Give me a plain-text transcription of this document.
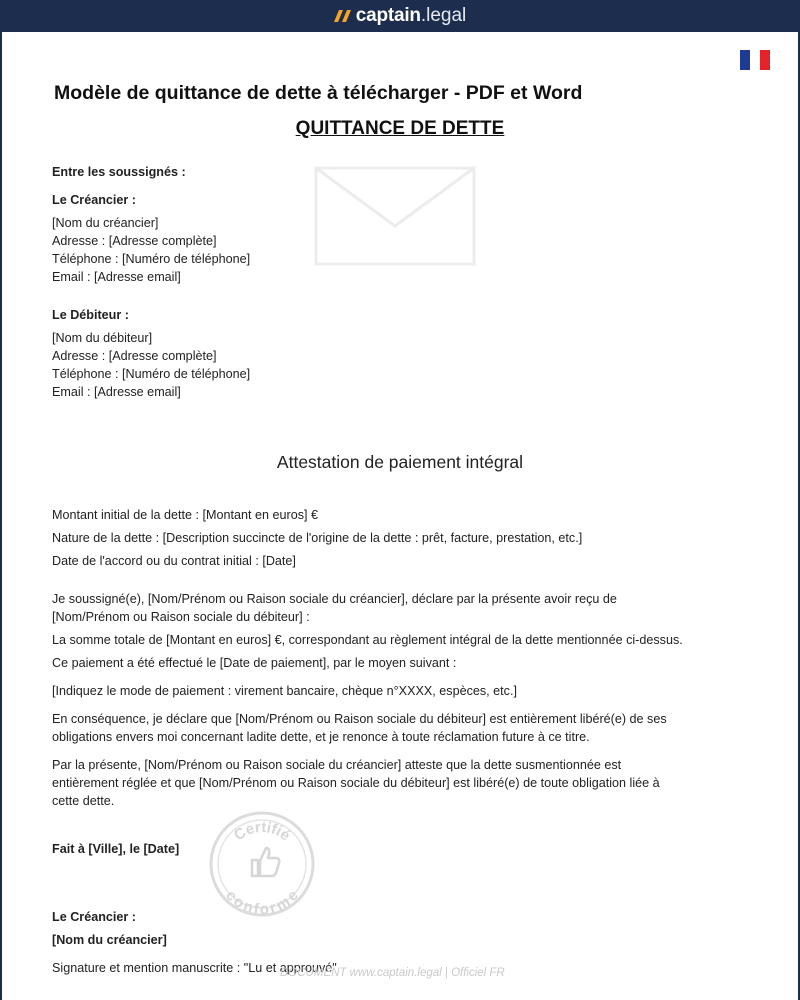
captain.legal
Modèle de quittance de dette à télécharger - PDF et Word
QUITTANCE DE DETTE

Entre les soussignés :

Le Créancier :

[Nom du créancier]

Adresse : [Adresse complète]

Téléphone : [Numéro de téléphone]

Email : [Adresse email]

Le Débiteur :

[Nom du débiteur]

Adresse : [Adresse complète]

Téléphone : [Numéro de téléphone]

Email : [Adresse email]

Attestation de paiement intégral

Montant initial de la dette : [Montant en euros] €

Nature de la dette : [Description succincte de l'origine de la dette : prêt, facture, prestation, etc.]

Date de l'accord ou du contrat initial : [Date]

Je soussigné(e), [Nom/Prénom ou Raison sociale du créancier], déclare par la présente avoir reçu de

[Nom/Prénom ou Raison sociale du débiteur] :

La somme totale de [Montant en euros] €, correspondant au règlement intégral de la dette mentionnée ci-dessus.

Ce paiement a été effectué le [Date de paiement], par le moyen suivant :

[Indiquez le mode de paiement : virement bancaire, chèque n°XXXX, espèces, etc.]

En conséquence, je déclare que [Nom/Prénom ou Raison sociale du débiteur] est entièrement libéré(e) de ses

obligations envers moi concernant ladite dette, et je renonce à toute réclamation future à ce titre.

Par la présente, [Nom/Prénom ou Raison sociale du créancier] atteste que la dette susmentionnée est

entièrement réglée et que [Nom/Prénom ou Raison sociale du débiteur] est libéré(e) de toute obligation liée à

cette dette.

Fait à [Ville], le [Date]

Certifié
conforme

Le Créancier :

[Nom du créancier]

Signature et mention manuscrite : "Lu et approuvé"

DOCUMENT www.captain.legal | Officiel FR
